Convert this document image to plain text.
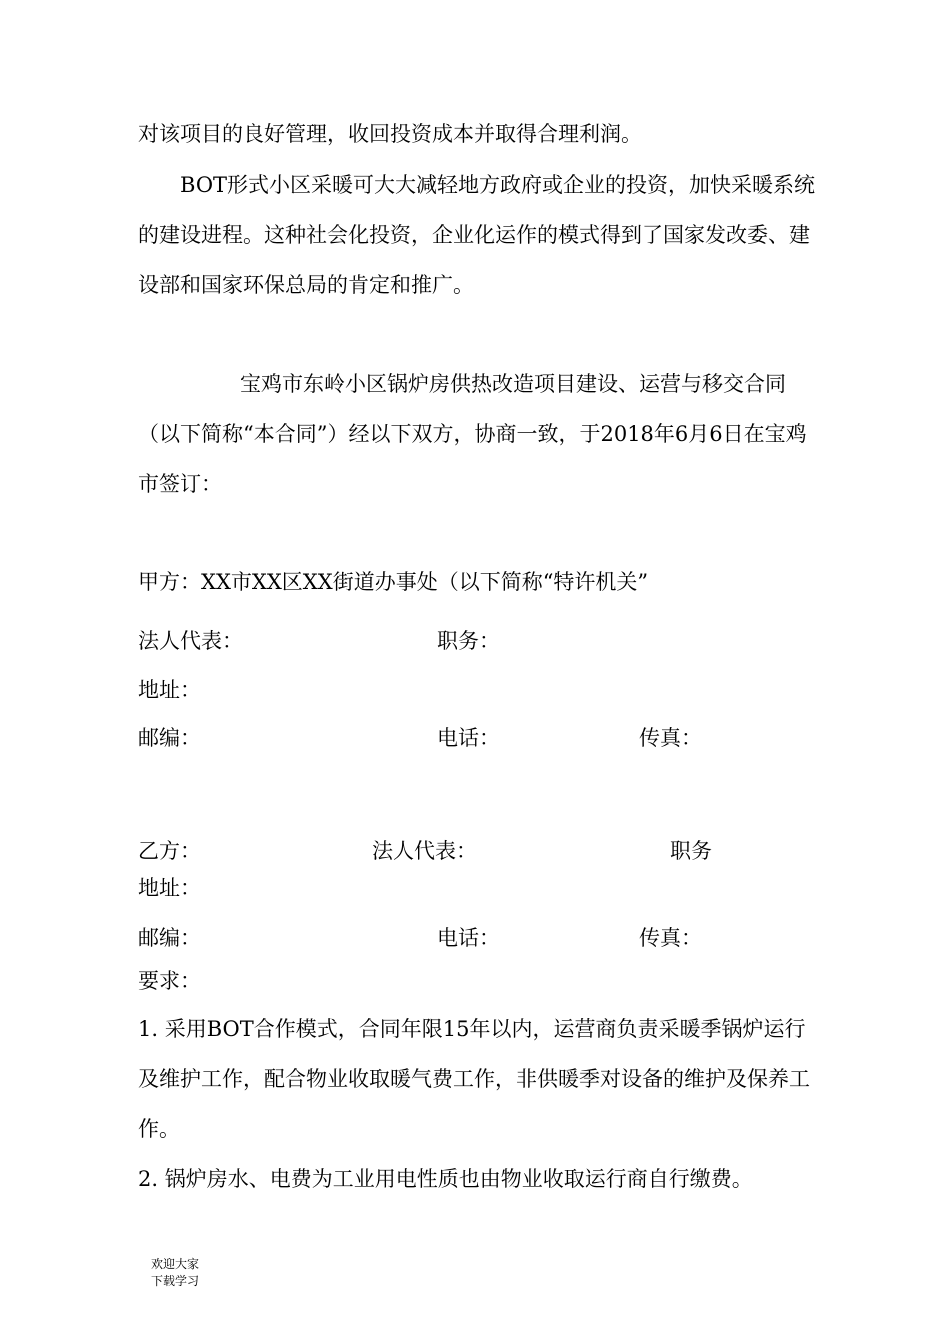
对该项目的良好管理，收回投资成本并取得合理利润。

BOT形式小区采暖可大大减轻地方政府或企业的投资，加快采暖系统的建设进程。这种社会化投资，企业化运作的模式得到了国家发改委、建设部和国家环保总局的肯定和推广。

宝鸡市东岭小区锅炉房供热改造项目建设、运营与移交合同（以下简称“本合同”）经以下双方，协商一致，于2018年6月6日在宝鸡市签订：

甲方：XX市XX区XX街道办事处（以下简称“特许机关”
法人代表：	职务：
地址：
邮编：	电话：	传真：
乙方：	法人代表：	职务
地址：
邮编：	电话：	传真：
要求：

1. 采用BOT合作模式，合同年限15年以内，运营商负责采暖季锅炉运行及维护工作，配合物业收取暖气费工作，非供暖季对设备的维护及保养工作。

2. 锅炉房水、电费为工业用电性质也由物业收取运行商自行缴费。

欢迎大家下载学习
